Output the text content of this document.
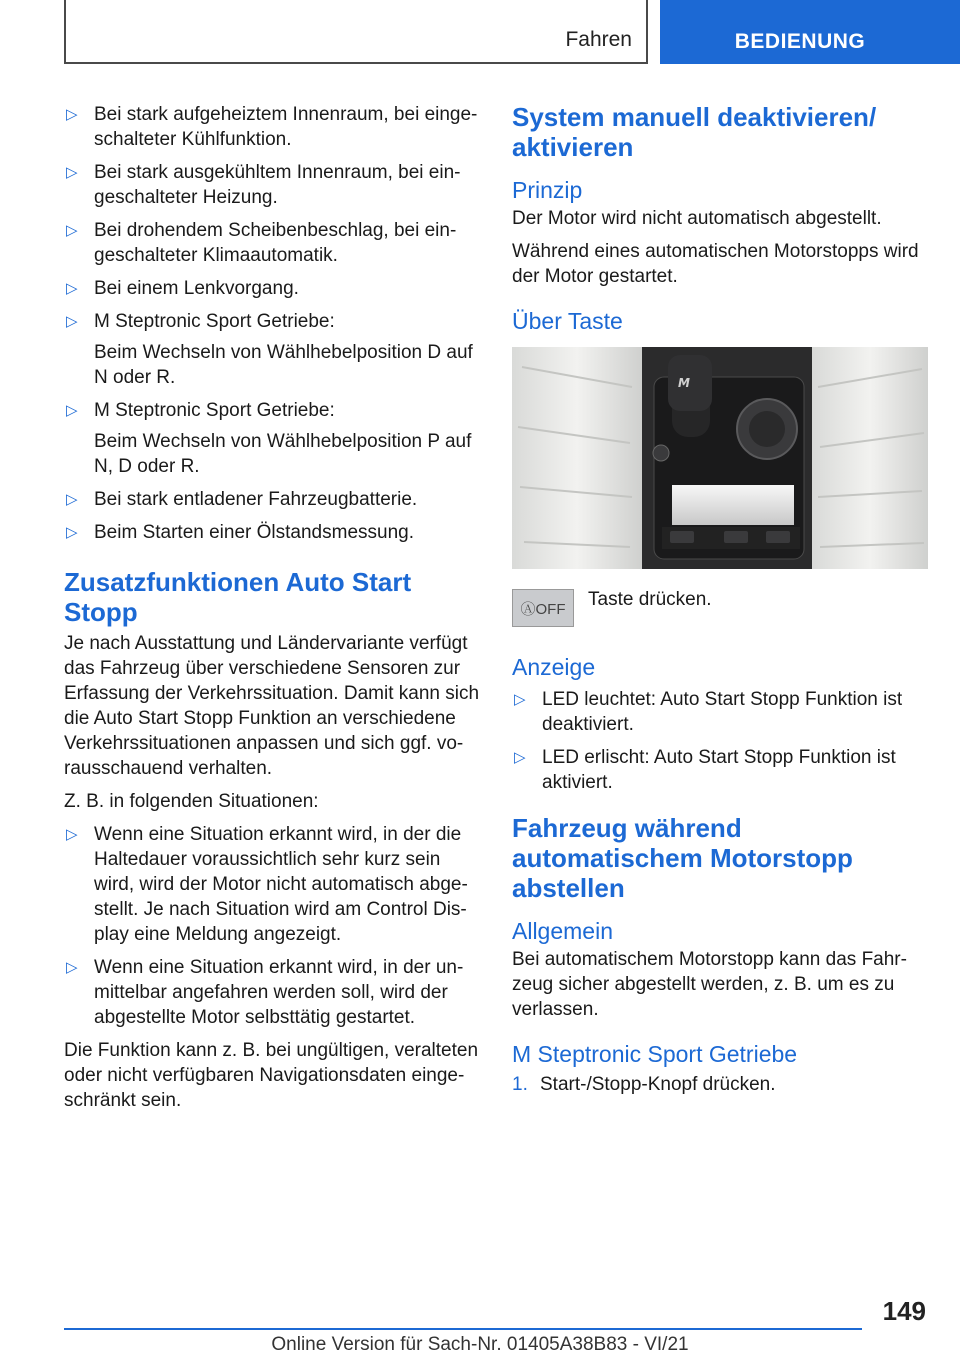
Fahren	BEDIENUNG
▷ Bei stark aufgeheiztem Innenraum, bei einge-schalteter Kühlfunktion.
▷ Bei stark ausgekühltem Innenraum, bei ein-geschalteter Heizung.
▷ Bei drohendem Scheibenbeschlag, bei ein-geschalteter Klimaautomatik.
▷ Bei einem Lenkvorgang.
▷ M Steptronic Sport Getriebe:

Beim Wechseln von Wählhebelposition D auf N oder R.

▷ M Steptronic Sport Getriebe:

Beim Wechseln von Wählhebelposition P auf N, D oder R.

▷ Bei stark entladener Fahrzeugbatterie.
▷ Beim Starten einer Ölstandsmessung.
Zusatzfunktionen Auto Start Stopp

Je nach Ausstattung und Ländervariante verfügt das Fahrzeug über verschiedene Sensoren zur Erfassung der Verkehrssituation. Damit kann sich die Auto Start Stopp Funktion an verschiedene Verkehrssituationen anpassen und sich ggf. vo-rausschauend verhalten.

Z. B. in folgenden Situationen:

▷ Wenn eine Situation erkannt wird, in der die Haltedauer voraussichtlich sehr kurz sein wird, wird der Motor nicht automatisch abge-stellt. Je nach Situation wird am Control Dis-play eine Meldung angezeigt.
▷ Wenn eine Situation erkannt wird, in der un-mittelbar angefahren werden soll, wird der abgestellte Motor selbsttätig gestartet.

Die Funktion kann z. B. bei ungültigen, veralteten oder nicht verfügbaren Navigationsdaten einge-schränkt sein.

System manuell deaktivieren/ aktivieren
Prinzip

Der Motor wird nicht automatisch abgestellt.

Während eines automatischen Motorstopps wird der Motor gestartet.

Über Taste
M
ⒶOFF Taste drücken.
Anzeige
▷ LED leuchtet: Auto Start Stopp Funktion ist deaktiviert.
▷ LED erlischt: Auto Start Stopp Funktion ist aktiviert.
Fahrzeug während automatischem Motorstopp abstellen
Allgemein

Bei automatischem Motorstopp kann das Fahr-zeug sicher abgestellt werden, z. B. um es zu verlassen.

M Steptronic Sport Getriebe
1. Start-/Stopp-Knopf drücken.
149
Online Version für Sach-Nr. 01405A38B83 - VI/21
